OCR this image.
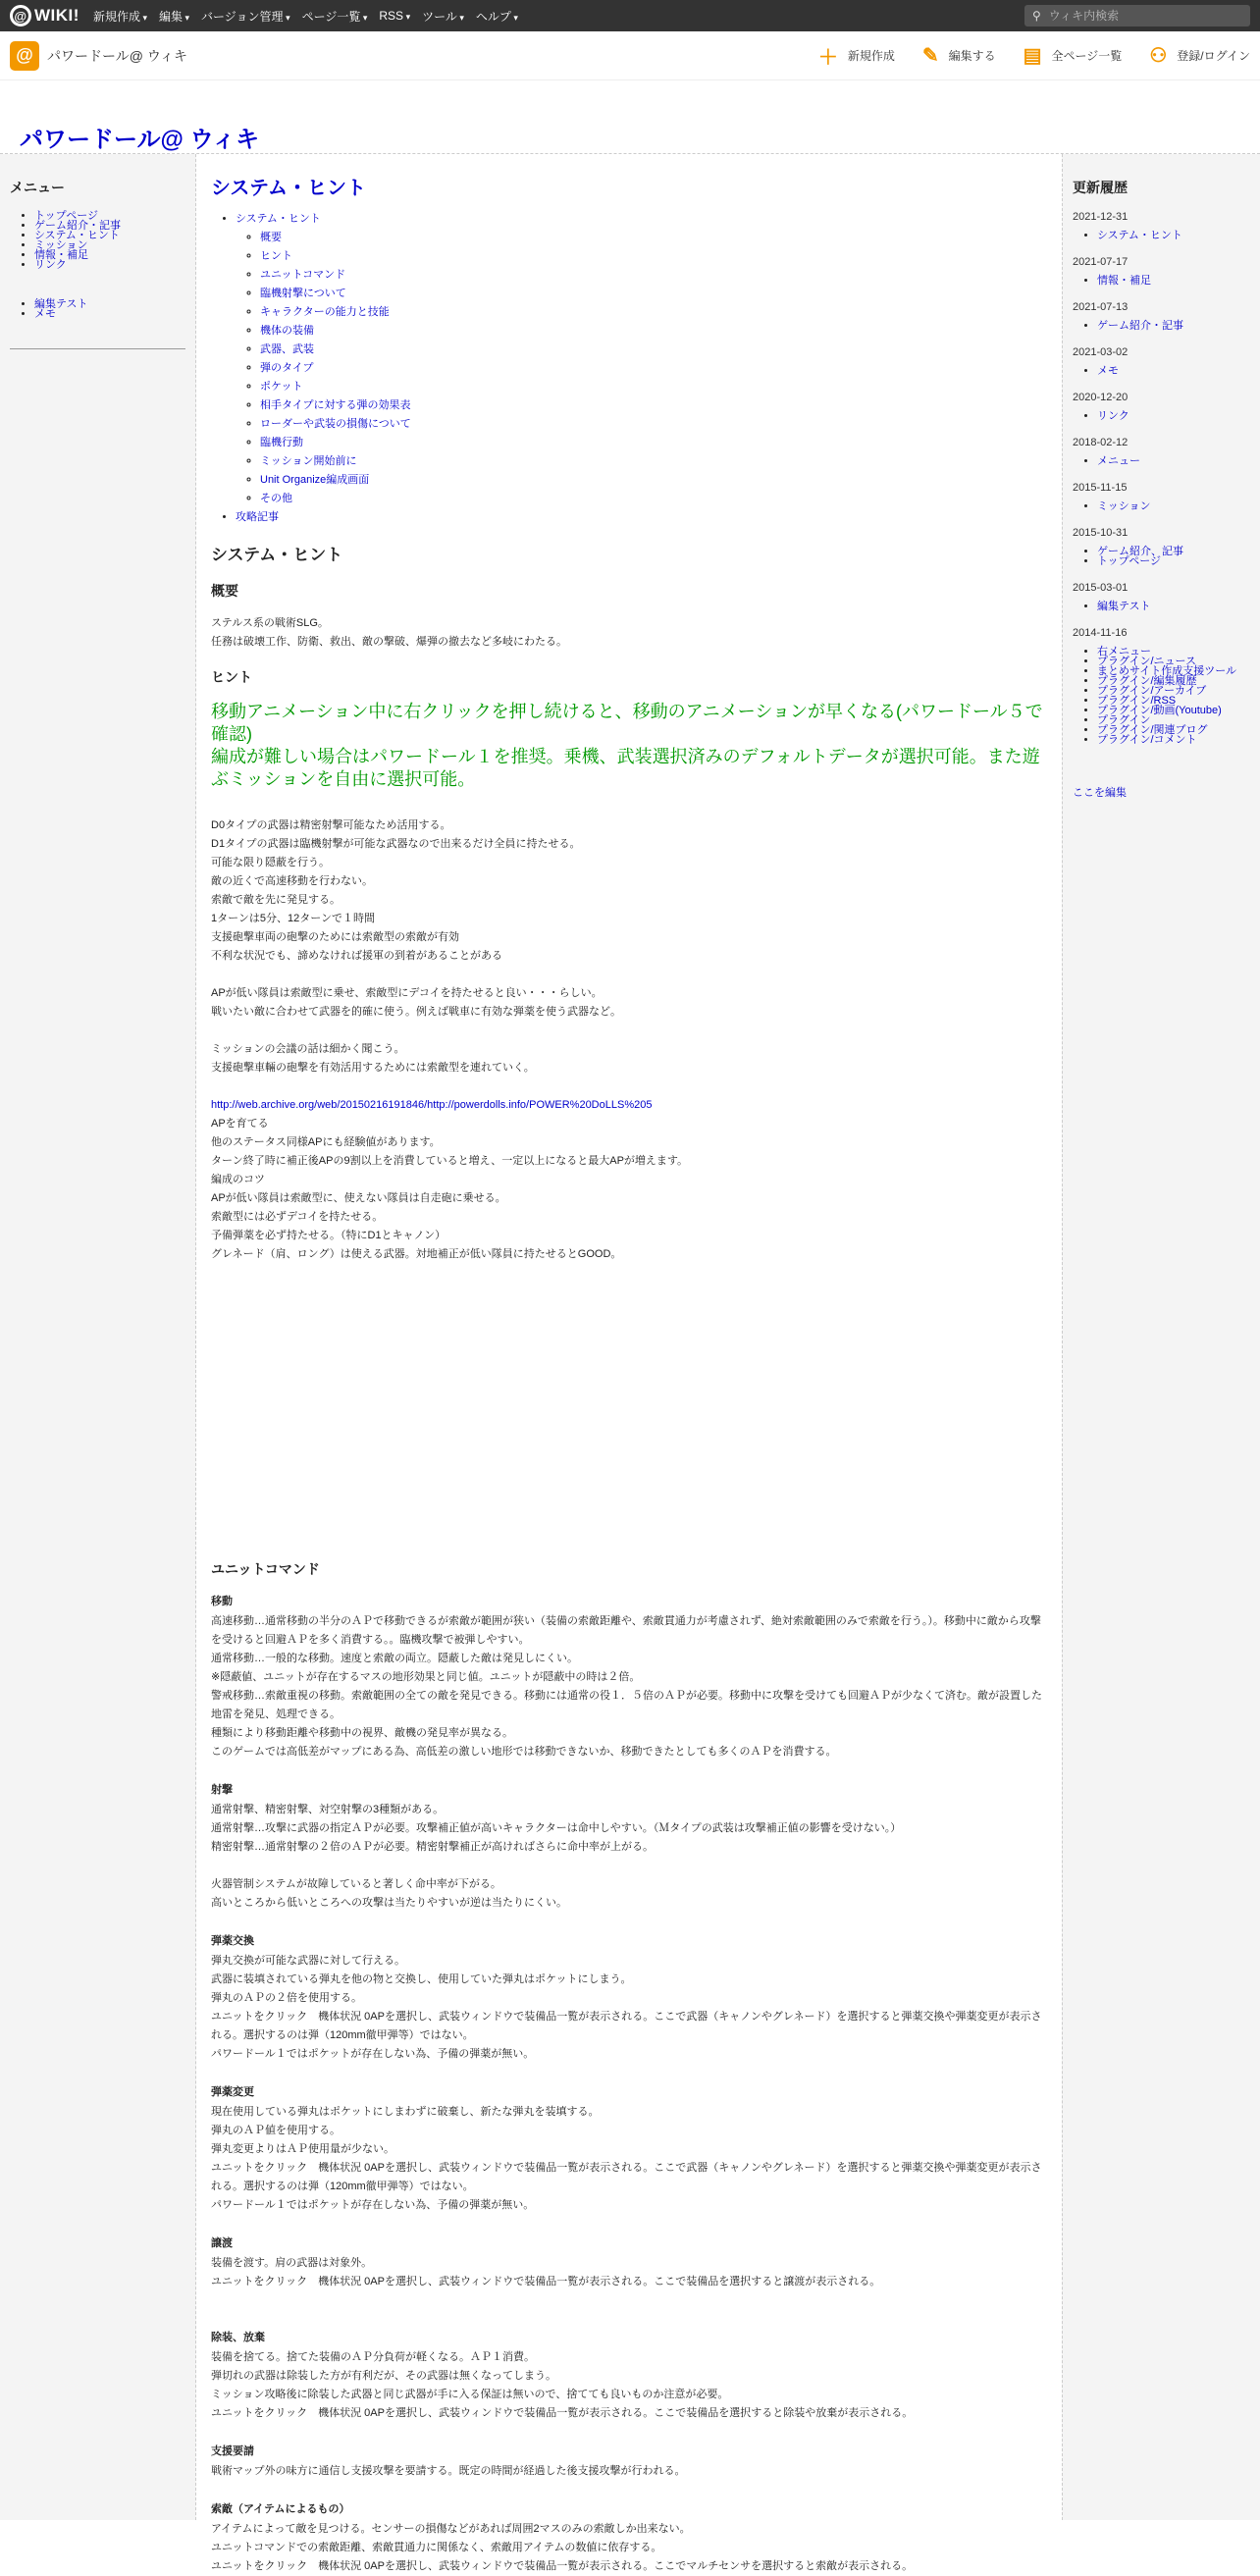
@ WIKI! 新規作成 ▾	編集 ▾	バージョン管理 ▾	ページ一覧 ▾	RSS ▾	ツール ▾	ヘルプ ▾	⚲
ウィキ内検索
@	パワードール@ ウィキ	＋ 新規作成 ✎ 編集する ▤ 全ページ一覧 ⚇ 登録/ログイン
パワードール@ ウィキ
メニュー
• トップページ
• ゲーム紹介・記事
• システム・ヒント
• ミッション
• 情報・補足
• リンク
• 編集テスト
• メモ
システム・ヒント
• システム・ヒント
◦ 概要
◦ ヒント
◦ ユニットコマンド
◦ 臨機射撃について
◦ キャラクターの能力と技能
◦ 機体の装備
◦ 武器、武装
◦ 弾のタイプ
◦ ポケット
◦ 相手タイプに対する弾の効果表
◦ ローダーや武装の損傷について
◦ 臨機行動
◦ ミッション開始前に
◦ Unit Organize編成画面
◦ その他
• 攻略記事
システム・ヒント
概要
ステルス系の戦術SLG。
任務は破壊工作、防衛、救出、敵の撃破、爆弾の撤去など多岐にわたる。
ヒント
移動アニメーション中に右クリックを押し続けると、移動のアニメーションが早くなる(パワードール５で確認)
編成が難しい場合はパワードール１を推奨。乗機、武装選択済みのデフォルトデータが選択可能。また遊ぶミッションを自由に選択可能。
D0タイプの武器は精密射撃可能なため活用する。
D1タイプの武器は臨機射撃が可能な武器なので出来るだけ全員に持たせる。
可能な限り隠蔽を行う。
敵の近くで高速移動を行わない。
索敵で敵を先に発見する。
1ターンは5分、12ターンで１時間
支援砲撃車両の砲撃のためには索敵型の索敵が有効
不利な状況でも、諦めなければ援軍の到着があることがある
APが低い隊員は索敵型に乗せ、索敵型にデコイを持たせると良い・・・らしい。
戦いたい敵に合わせて武器を的確に使う。例えば戦車に有効な弾薬を使う武器など。
ミッションの会議の話は細かく聞こう。
支援砲撃車輛の砲撃を有効活用するためには索敵型を連れていく。
http://web.archive.org/web/20150216191846/http://powerdolls.info/POWER%20DoLLS%205
APを育てる
他のステータス同様APにも経験値があります。
ターン終了時に補正後APの9割以上を消費していると増え、一定以上になると最大APが増えます。
編成のコツ
APが低い隊員は索敵型に、使えない隊員は自走砲に乗せる。
索敵型には必ずデコイを持たせる。
予備弾薬を必ず持たせる。（特にD1とキャノン）
グレネード（肩、ロング）は使える武器。対地補正が低い隊員に持たせるとGOOD。
ユニットコマンド
移動
高速移動…通常移動の半分のＡＰで移動できるが索敵が範囲が狭い（装備の索敵距離や、索敵貫通力が考慮されず、絶対索敵範囲のみで索敵を行う。）。移動中に敵から攻撃を受けると回避ＡＰを多く消費する。。臨機攻撃で被弾しやすい。
通常移動…一般的な移動。速度と索敵の両立。隠蔽した敵は発見しにくい。
※隠蔽値、ユニットが存在するマスの地形効果と同じ値。ユニットが隠蔽中の時は２倍。
警戒移動…索敵重視の移動。索敵範囲の全ての敵を発見できる。移動には通常の役１．５倍のＡＰが必要。移動中に攻撃を受けても回避ＡＰが少なくて済む。敵が設置した地雷を発見、処理できる。
種類により移動距離や移動中の視界、敵機の発見率が異なる。
このゲームでは高低差がマップにある為、高低差の激しい地形では移動できないか、移動できたとしても多くのＡＰを消費する。
射撃
通常射撃、精密射撃、対空射撃の3種類がある。
通常射撃…攻撃に武器の指定ＡＰが必要。攻撃補正値が高いキャラクターは命中しやすい。（Ｍタイプの武装は攻撃補正値の影響を受けない。）
精密射撃…通常射撃の２倍のＡＰが必要。精密射撃補正が高ければさらに命中率が上がる。
火器管制システムが故障していると著しく命中率が下がる。
高いところから低いところへの攻撃は当たりやすいが逆は当たりにくい。
弾薬交換
弾丸交換が可能な武器に対して行える。
武器に装填されている弾丸を他の物と交換し、使用していた弾丸はポケットにしまう。
弾丸のＡＰの２倍を使用する。
ユニットをクリック　機体状況 0APを選択し、武装ウィンドウで装備品一覧が表示される。ここで武器（キャノンやグレネード）を選択すると弾薬交換や弾薬変更が表示される。選択するのは弾（120mm徹甲弾等）ではない。
パワードール１ではポケットが存在しない為、予備の弾薬が無い。
弾薬変更
現在使用している弾丸はポケットにしまわずに破棄し、新たな弾丸を装填する。
弾丸のＡＰ値を使用する。
弾丸変更よりはＡＰ使用量が少ない。
ユニットをクリック　機体状況 0APを選択し、武装ウィンドウで装備品一覧が表示される。ここで武器（キャノンやグレネード）を選択すると弾薬交換や弾薬変更が表示される。選択するのは弾（120mm徹甲弾等）ではない。
パワードール１ではポケットが存在しない為、予備の弾薬が無い。
譲渡
装備を渡す。肩の武器は対象外。
ユニットをクリック　機体状況 0APを選択し、武装ウィンドウで装備品一覧が表示される。ここで装備品を選択すると譲渡が表示される。
除装、放棄
装備を捨てる。捨てた装備のＡＰ分負荷が軽くなる。ＡＰ１消費。
弾切れの武器は除装した方が有利だが、その武器は無くなってしまう。
ミッション攻略後に除装した武器と同じ武器が手に入る保証は無いので、捨てても良いものか注意が必要。
ユニットをクリック　機体状況 0APを選択し、武装ウィンドウで装備品一覧が表示される。ここで装備品を選択すると除装や放棄が表示される。
支援要請
戦術マップ外の味方に通信し支援攻撃を要請する。既定の時間が経過した後支援攻撃が行われる。
索敵（アイテムによるもの）
アイテムによって敵を見つける。センサーの損傷などがあれば周囲2マスのみの索敵しか出来ない。
ユニットコマンドでの索敵距離、索敵貫通力に関係なく、索敵用アイテムの数値に依存する。
ユニットをクリック　機体状況 0APを選択し、武装ウィンドウで装備品一覧が表示される。ここでマルチセンサを選択すると索敵が表示される。
更新履歴

2021-12-31

• システム・ヒント

2021-07-17

• 情報・補足

2021-07-13

• ゲーム紹介・記事

2021-03-02

• メモ

2020-12-20

• リンク

2018-02-12

• メニュー

2015-11-15

• ミッション

2015-10-31

• ゲーム紹介、記事
• トップページ

2015-03-01

• 編集テスト

2014-11-16

• 右メニュー
• プラグイン/ニュース
• まとめサイト作成支援ツール
• プラグイン/編集履歴
• プラグイン/アーカイブ
• プラグイン/RSS
• プラグイン/動画(Youtube)
• プラグイン
• プラグイン/関連ブログ
• プラグイン/コメント
ここを編集
